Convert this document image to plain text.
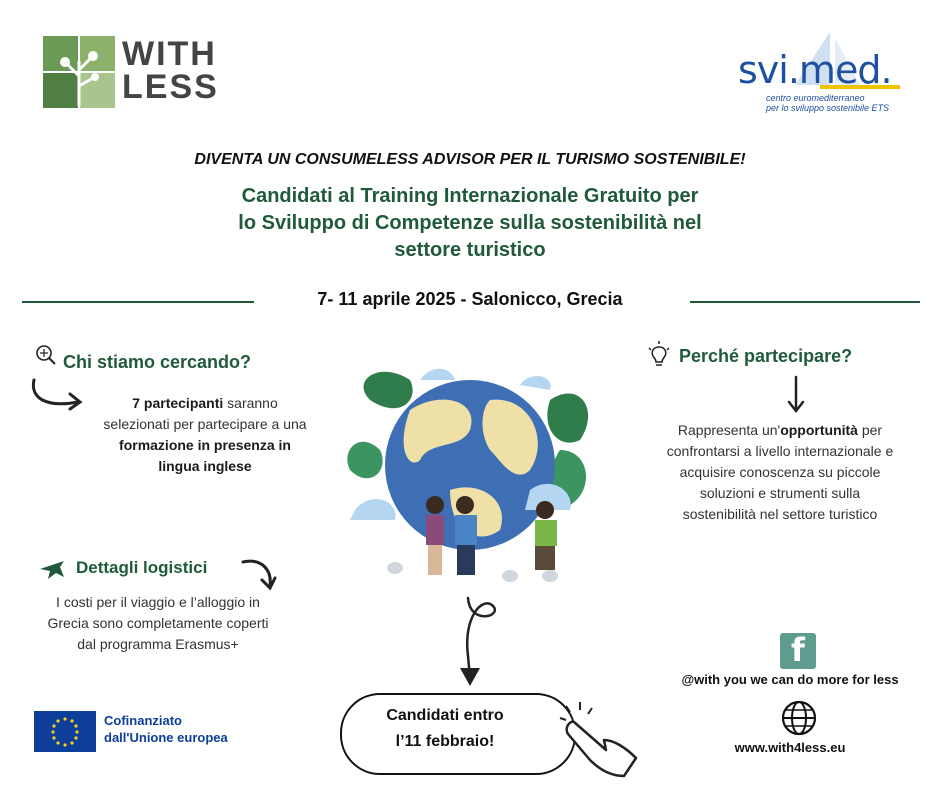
WITH
LESS	svi.med.
centro euromediterraneo
per lo sviluppo sostenibile ETS
DIVENTA UN CONSUMELESS ADVISOR PER IL TURISMO SOSTENIBILE!
Candidati al Training Internazionale Gratuito per
lo Sviluppo di Competenze sulla sostenibilità nel
settore turistico
7- 11 aprile 2025 - Salonicco, Grecia
Chi stiamo cercando?
7 partecipanti saranno
selezionati per partecipare a una
formazione in presenza in
lingua inglese
Perché partecipare?
Rappresenta un'opportunità per
confrontarsi a livello internazionale e
acquisire conoscenza su piccole
soluzioni e strumenti sulla
sostenibilità nel settore turistico
Dettagli logistici
I costi per il viaggio e l’alloggio in
Grecia sono completamente coperti
dal programma Erasmus+
Candidati entro
l’11 febbraio!
Cofinanziato
dall'Unione europea
f
@with you we can do more for less
www.with4less.eu
